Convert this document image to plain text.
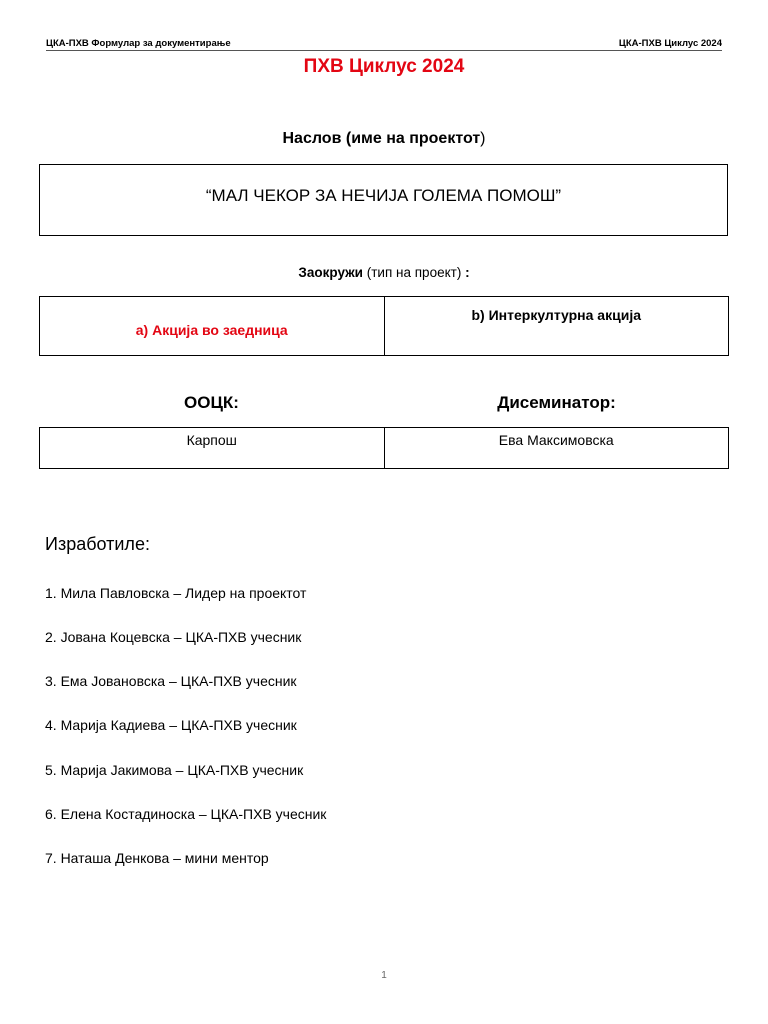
ЦКА-ПХВ Формулар за документирање	ЦКА-ПХВ Циклус 2024
ПХВ Циклус 2024
Наслов (име на проектот)
“МАЛ ЧЕКОР ЗА НЕЧИЈА ГОЛЕМА ПОМОШ”
Заокружи (тип на проект) :
а) Акција во заедница	b) Интеркултурна акција
ООЦК:	Дисеминатор:
Карпош	Ева Максимовска
Изработиле:
1. Мила Павловска – Лидер на проектот
2. Јована Коцевска – ЦКА-ПХВ учесник
3. Ема Јовановска – ЦКА-ПХВ учесник
4. Марија Кадиева – ЦКА-ПХВ учесник
5. Марија Јакимова – ЦКА-ПХВ учесник
6. Елена Костадиноска – ЦКА-ПХВ учесник
7. Наташа Денкова – мини ментор
1
